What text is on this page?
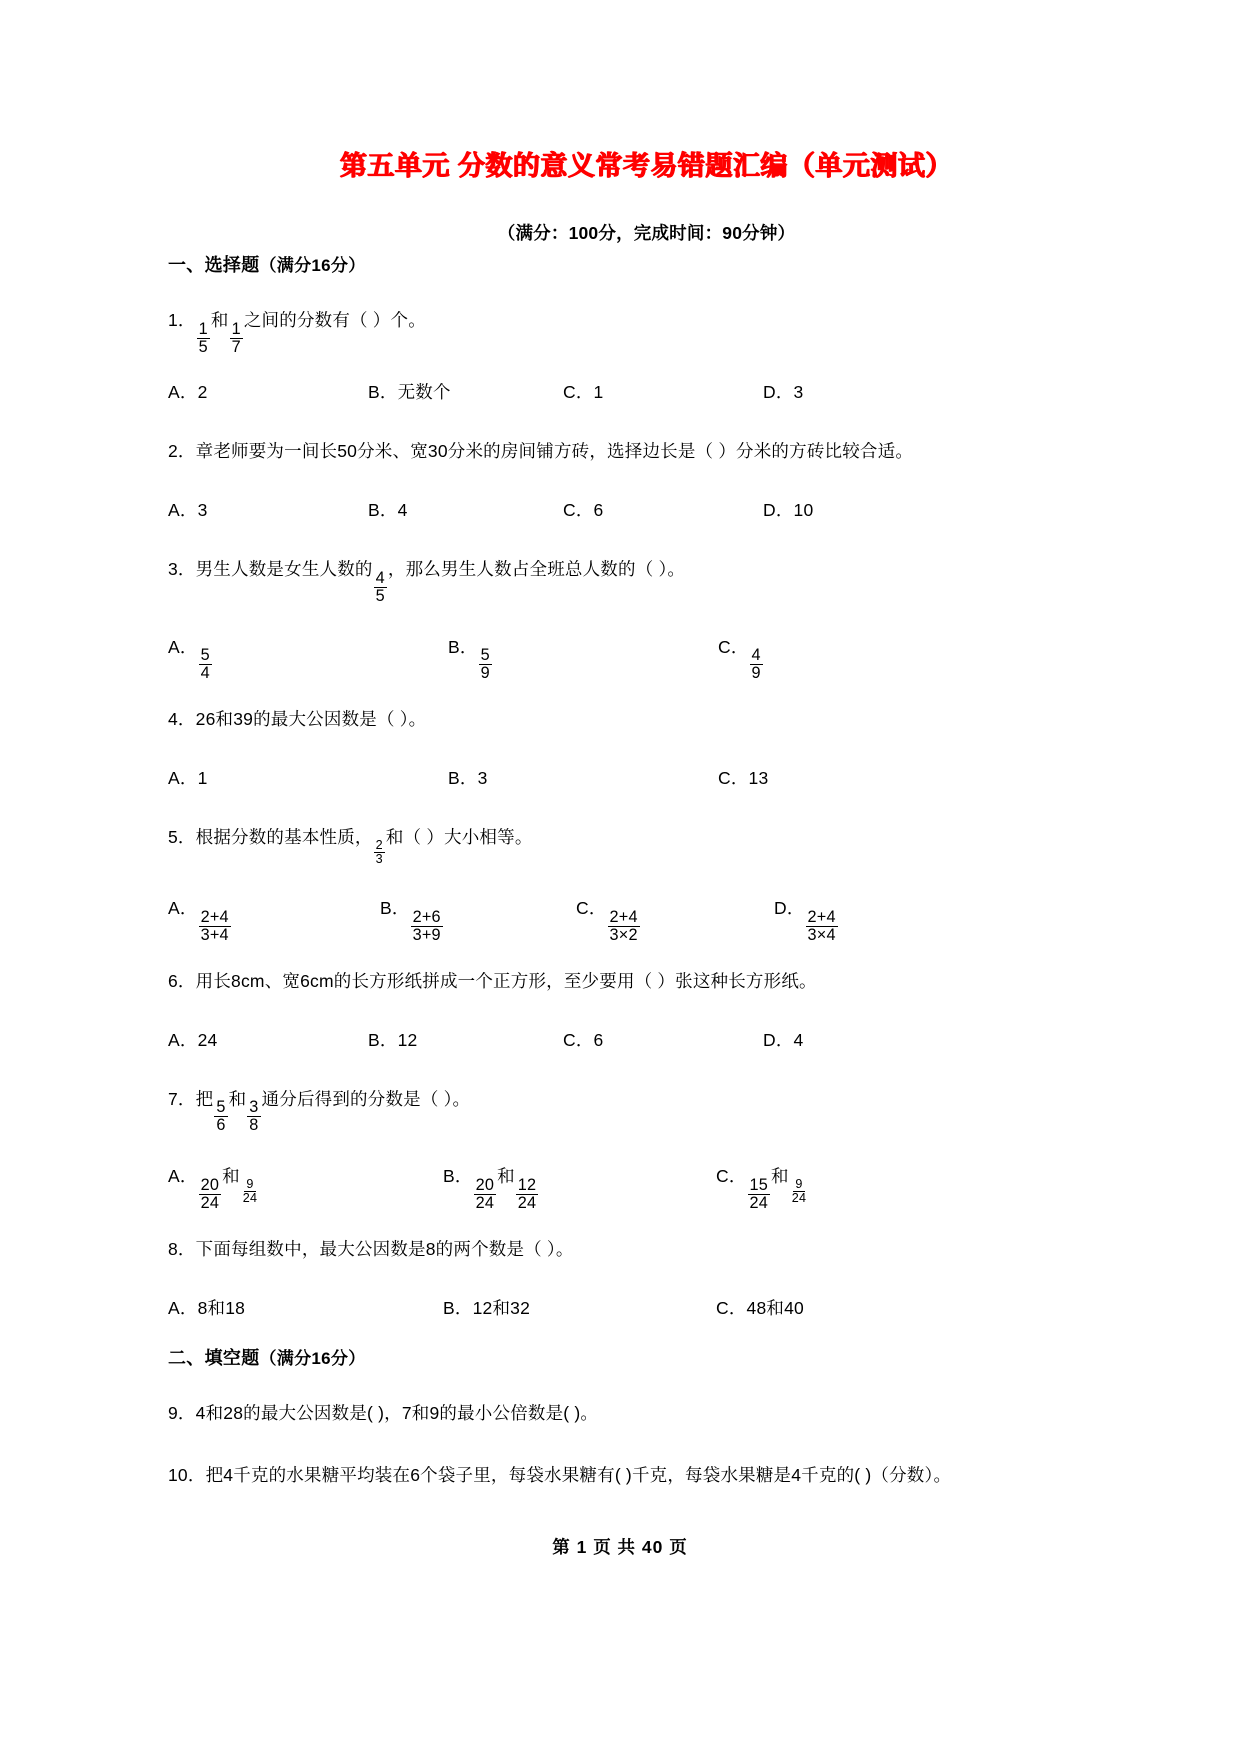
第五单元 分数的意义常考易错题汇编（单元测试）
（满分：100分，完成时间：90分钟）
一、选择题（满分16分）
1．
$\frac{1}{5}$
和
$\frac{1}{7}$
之间的分数有（ ）个。
A．2	B．无数个	C．1	D．3
2．章老师要为一间长50分米、宽30分米的房间铺方砖，选择边长是（ ）分米的方砖比较合适。
A．3	B．4	C．6	D．10
3．男生人数是女生人数的
$\frac{4}{5}$
，那么男生人数占全班总人数的（ ）。
A．
$\frac{5}{4}$
B．
$\frac{5}{9}$
C．
$\frac{4}{9}$
4．26和39的最大公因数是（ ）。
A．1	B．3	C．13
5．根据分数的基本性质，
$\frac{2}{3}$
和（ ）大小相等。
A．
$\frac{2+4}{3+4}$
B．
$\frac{2+6}{3+9}$
C．
$\frac{2+4}{3\times 2}$
D．
$\frac{2+4}{3\times 4}$
6．用长8cm、宽6cm的长方形纸拼成一个正方形，至少要用（ ）张这种长方形纸。
A．24	B．12	C．6	D．4
7．把
$\frac{5}{6}$
和
$\frac{3}{8}$
通分后得到的分数是（ ）。
A．
$\frac{20}{24}$
和
$\frac{9}{24}$
B．
$\frac{20}{24}$
和
$\frac{12}{24}$
C．
$\frac{15}{24}$
和
$\frac{9}{24}$
8．下面每组数中，最大公因数是8的两个数是（ ）。
A．8和18	B．12和32	C．48和40
二、填空题（满分16分）
9．4和28的最大公因数是( )，7和9的最小公倍数是( )。
10．把4千克的水果糖平均装在6个袋子里，每袋水果糖有( )千克，每袋水果糖是4千克的( )（分数）。
第 1 页 共 40 页
